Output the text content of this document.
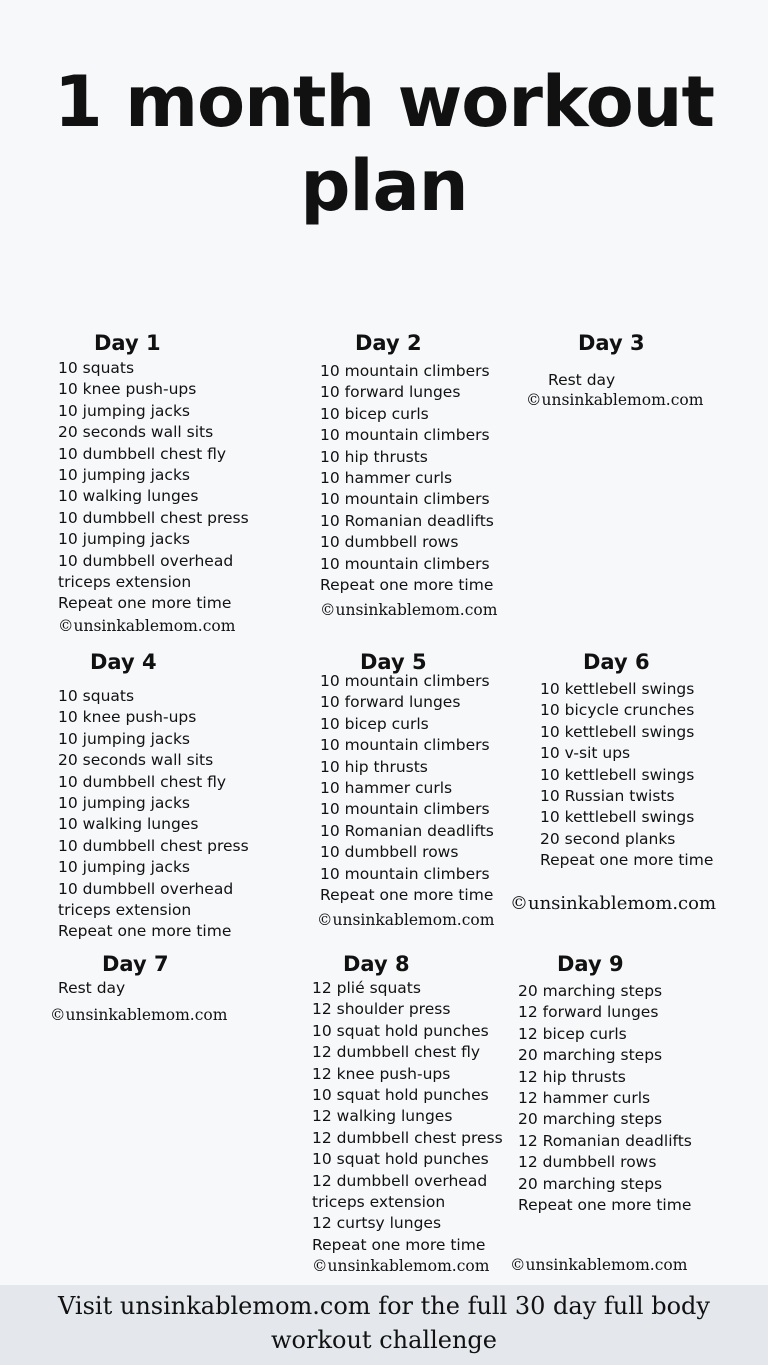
1 month workout plan
Day 1
10 squats
10 knee push-ups
10 jumping jacks
20 seconds wall sits
10 dumbbell chest fly
10 jumping jacks
10 walking lunges
10 dumbbell chest press
10 jumping jacks
10 dumbbell overhead
triceps extension
Repeat one more time
©unsinkablemom.com
Day 2
10 mountain climbers
10 forward lunges
10 bicep curls
10 mountain climbers
10 hip thrusts
10 hammer curls
10 mountain climbers
10 Romanian deadlifts
10 dumbbell rows
10 mountain climbers
Repeat one more time
©unsinkablemom.com
Day 3
Rest day
©unsinkablemom.com
Day 4
10 squats
10 knee push-ups
10 jumping jacks
20 seconds wall sits
10 dumbbell chest fly
10 jumping jacks
10 walking lunges
10 dumbbell chest press
10 jumping jacks
10 dumbbell overhead
triceps extension
Repeat one more time
Day 5
10 mountain climbers
10 forward lunges
10 bicep curls
10 mountain climbers
10 hip thrusts
10 hammer curls
10 mountain climbers
10 Romanian deadlifts
10 dumbbell rows
10 mountain climbers
Repeat one more time
©unsinkablemom.com
Day 6
10 kettlebell swings
10 bicycle crunches
10 kettlebell swings
10 v-sit ups
10 kettlebell swings
10 Russian twists
10 kettlebell swings
20 second planks
Repeat one more time
©unsinkablemom.com
Day 7
Rest day
©unsinkablemom.com
Day 8
12 plié squats
12 shoulder press
10 squat hold punches
12 dumbbell chest fly
12 knee push-ups
10 squat hold punches
12 walking lunges
12 dumbbell chest press
10 squat hold punches
12 dumbbell overhead
triceps extension
12 curtsy lunges
Repeat one more time
©unsinkablemom.com
Day 9
20 marching steps
12 forward lunges
12 bicep curls
20 marching steps
12 hip thrusts
12 hammer curls
20 marching steps
12 Romanian deadlifts
12 dumbbell rows
20 marching steps
Repeat one more time
©unsinkablemom.com
Visit unsinkablemom.com for the full 30 day full body workout challenge
